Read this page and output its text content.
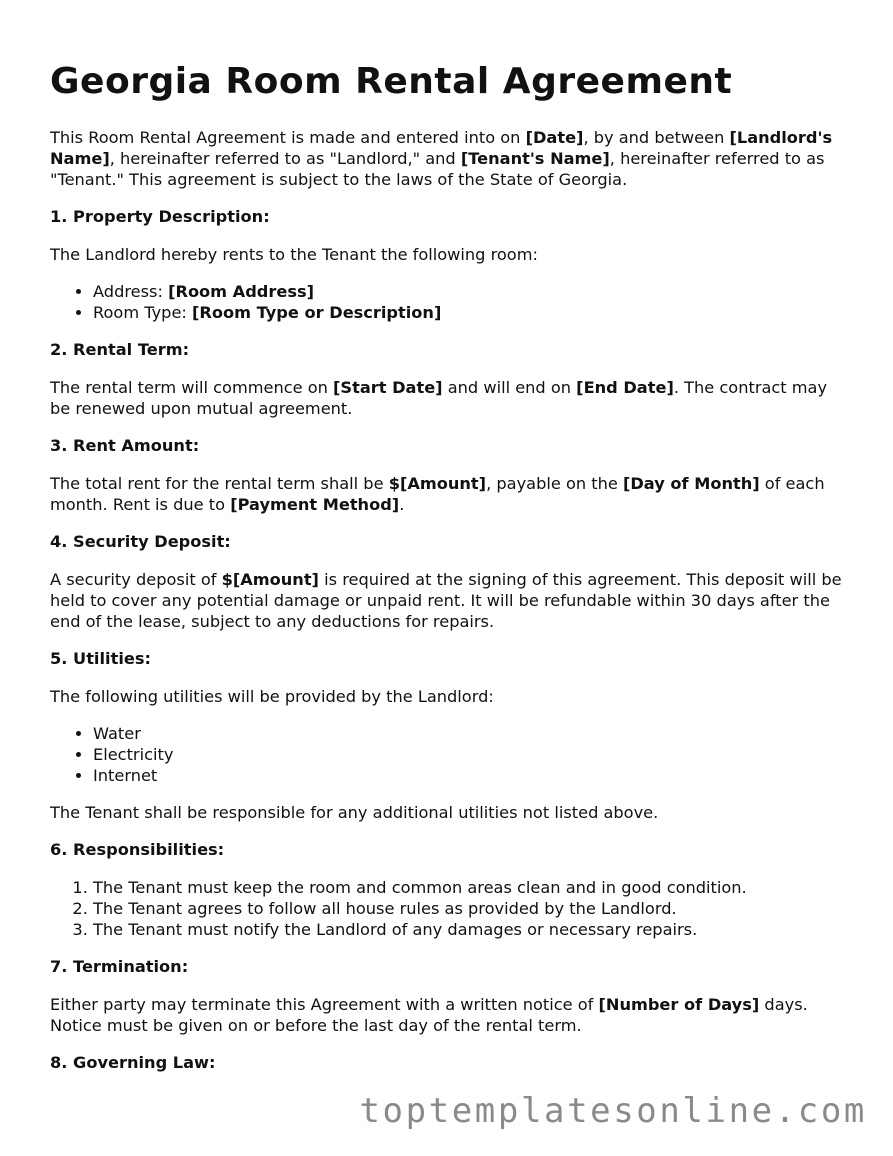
Georgia Room Rental Agreement

This Room Rental Agreement is made and entered into on [Date], by and between [Landlord's Name], hereinafter referred to as "Landlord," and [Tenant's Name], hereinafter referred to as "Tenant." This agreement is subject to the laws of the State of Georgia.

1. Property Description:

The Landlord hereby rents to the Tenant the following room:

• Address: [Room Address]
• Room Type: [Room Type or Description]
2. Rental Term:

The rental term will commence on [Start Date] and will end on [End Date]. The contract may be renewed upon mutual agreement.

3. Rent Amount:

The total rent for the rental term shall be $[Amount], payable on the [Day of Month] of each month. Rent is due to [Payment Method].

4. Security Deposit:

A security deposit of $[Amount] is required at the signing of this agreement. This deposit will be held to cover any potential damage or unpaid rent. It will be refundable within 30 days after the end of the lease, subject to any deductions for repairs.

5. Utilities:

The following utilities will be provided by the Landlord:

• Water
• Electricity
• Internet

The Tenant shall be responsible for any additional utilities not listed above.

6. Responsibilities:
1. The Tenant must keep the room and common areas clean and in good condition.
2. The Tenant agrees to follow all house rules as provided by the Landlord.
3. The Tenant must notify the Landlord of any damages or necessary repairs.
7. Termination:

Either party may terminate this Agreement with a written notice of [Number of Days] days. Notice must be given on or before the last day of the rental term.

8. Governing Law:
toptemplatesonline.com
